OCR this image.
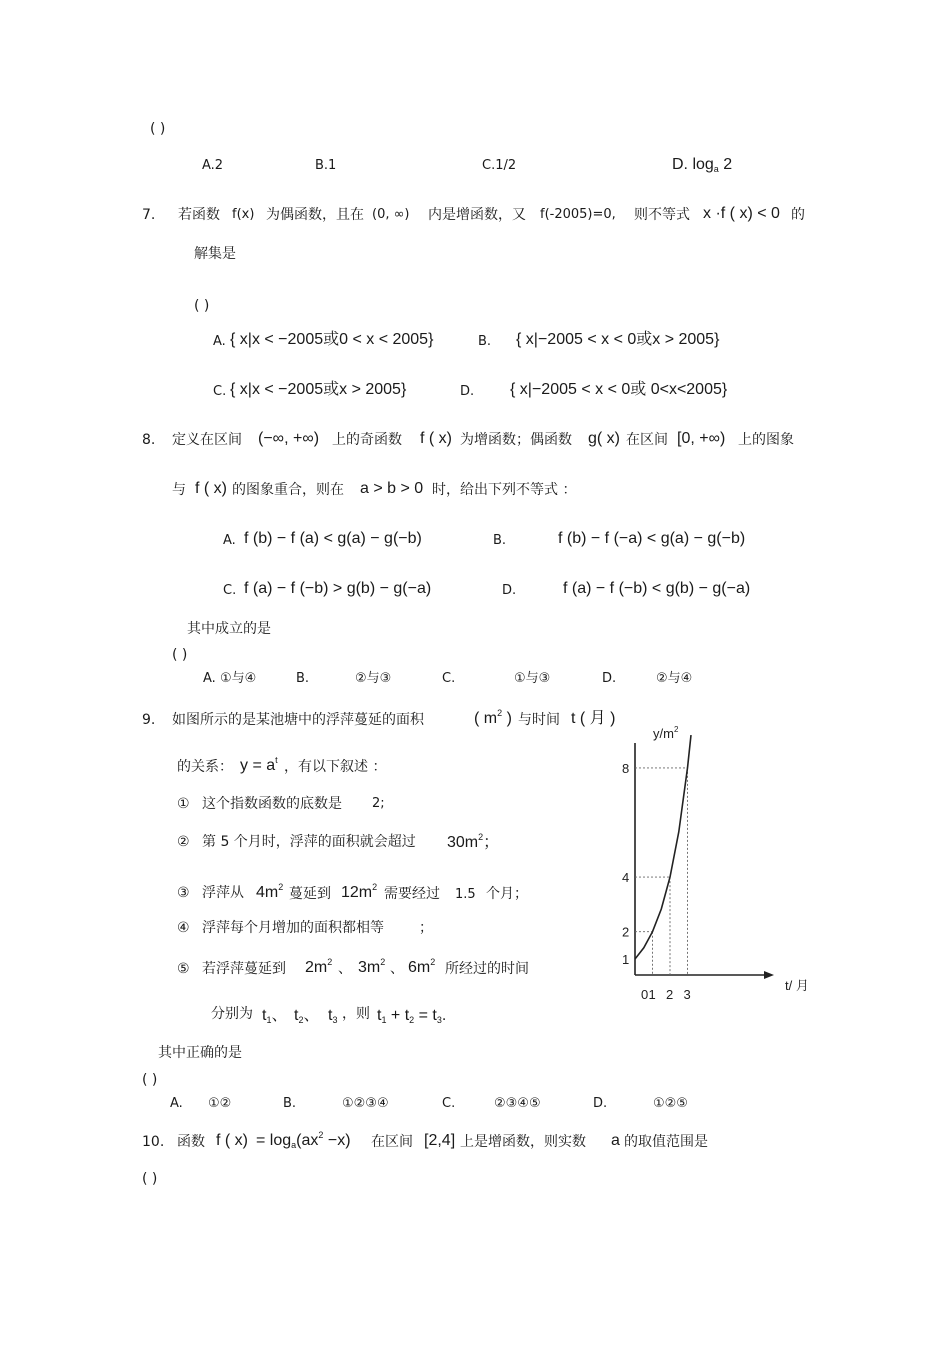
( )
A.2	B.1	C.1/2	D. $\log_a 2$
7. 若函数 f(x) 为偶函数，且在 (0, ∞) 内是增函数，又 f(-2005)=0, 则不等式 x ·f ( x) < 0 的
解集是
( )
A. { x|x < −2005或0 < x < 2005}	B. { x|−2005 < x < 0或x > 2005}
C. { x|x < −2005或x > 2005}	D. { x|−2005 < x < 0或 0<x<2005}
8. 定义在区间 (−∞, +∞) 上的奇函数 f ( x) 为增函数；偶函数 g( x) 在区间 [0, +∞) 上的图象
与 f ( x) 的图象重合，则在 a > b > 0 时，给出下列不等式 ：
A. f (b) − f (a) < g(a) − g(−b)	B.	f (b) − f (−a) < g(a) − g(−b)
C. f (a) − f (−b) > g(b) − g(−a)	D.	f (a) − f (−b) < g(b) − g(−a)
其中成立的是
( )
A. ①与④	B.	②与③	C.	①与③	D.	②与④
9. 如图所示的是某池塘中的浮萍蔓延的面积	( $m^2$ ) 与时间 t ( 月 )
的关系： $y = a^t$ ，有以下叙述 ：
① 这个指数函数的底数是 2;
② 第 5 个月时，浮萍的面积就会超过 $30m^2$；
③ 浮萍从 $4m^2$ 蔓延到 $12m^2$ 需要经过 1.5 个月；
④ 浮萍每个月增加的面积都相等	；
⑤ 若浮萍蔓延到 $2m^2$ 、 $3m^2$ 、 $6m^2$ 所经过的时间
分别为 $t_1$、 $t_2$、 $t_3$ ，则 $t_1 + t_2 = t_3$.
其中正确的是
( )
A. ①②	B.	①②③④	C.	②③④⑤	D.	①②⑤
t/ 月
$y/m^2$
0 1 2 3
1
2
4
8
10. 函数 f ( $x) = \log_a(ax^2 -x)$ 在区间 [2,4] 上是增函数，则实数 a 的取值范围是
( )
